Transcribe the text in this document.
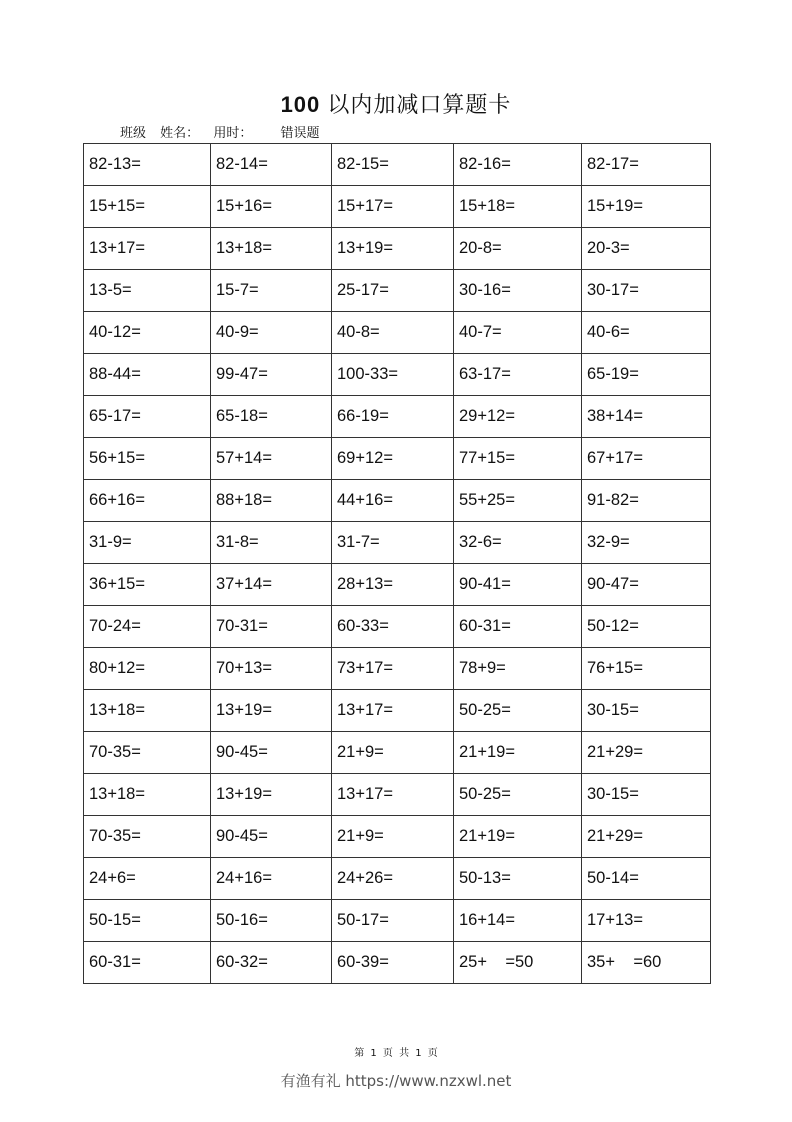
100 以内加减口算题卡
班级 姓名： 用时： 错误题
82-13=	82-14=	82-15=	82-16=	82-17=
15+15=	15+16=	15+17=	15+18=	15+19=
13+17=	13+18=	13+19=	20-8=	20-3=
13-5=	15-7=	25-17=	30-16=	30-17=
40-12=	40-9=	40-8=	40-7=	40-6=
88-44=	99-47=	100-33=	63-17=	65-19=
65-17=	65-18=	66-19=	29+12=	38+14=
56+15=	57+14=	69+12=	77+15=	67+17=
66+16=	88+18=	44+16=	55+25=	91-82=
31-9=	31-8=	31-7=	32-6=	32-9=
36+15=	37+14=	28+13=	90-41=	90-47=
70-24=	70-31=	60-33=	60-31=	50-12=
80+12=	70+13=	73+17=	78+9=	76+15=
13+18=	13+19=	13+17=	50-25=	30-15=
70-35=	90-45=	21+9=	21+19=	21+29=
13+18=	13+19=	13+17=	50-25=	30-15=
70-35=	90-45=	21+9=	21+19=	21+29=
24+6=	24+16=	24+26=	50-13=	50-14=
50-15=	50-16=	50-17=	16+14=	17+13=
60-31=	60-32=	60-39=	25+    =50	35+    =60
第 1 页 共 1 页
有渔有礼 https://www.nzxwl.net
